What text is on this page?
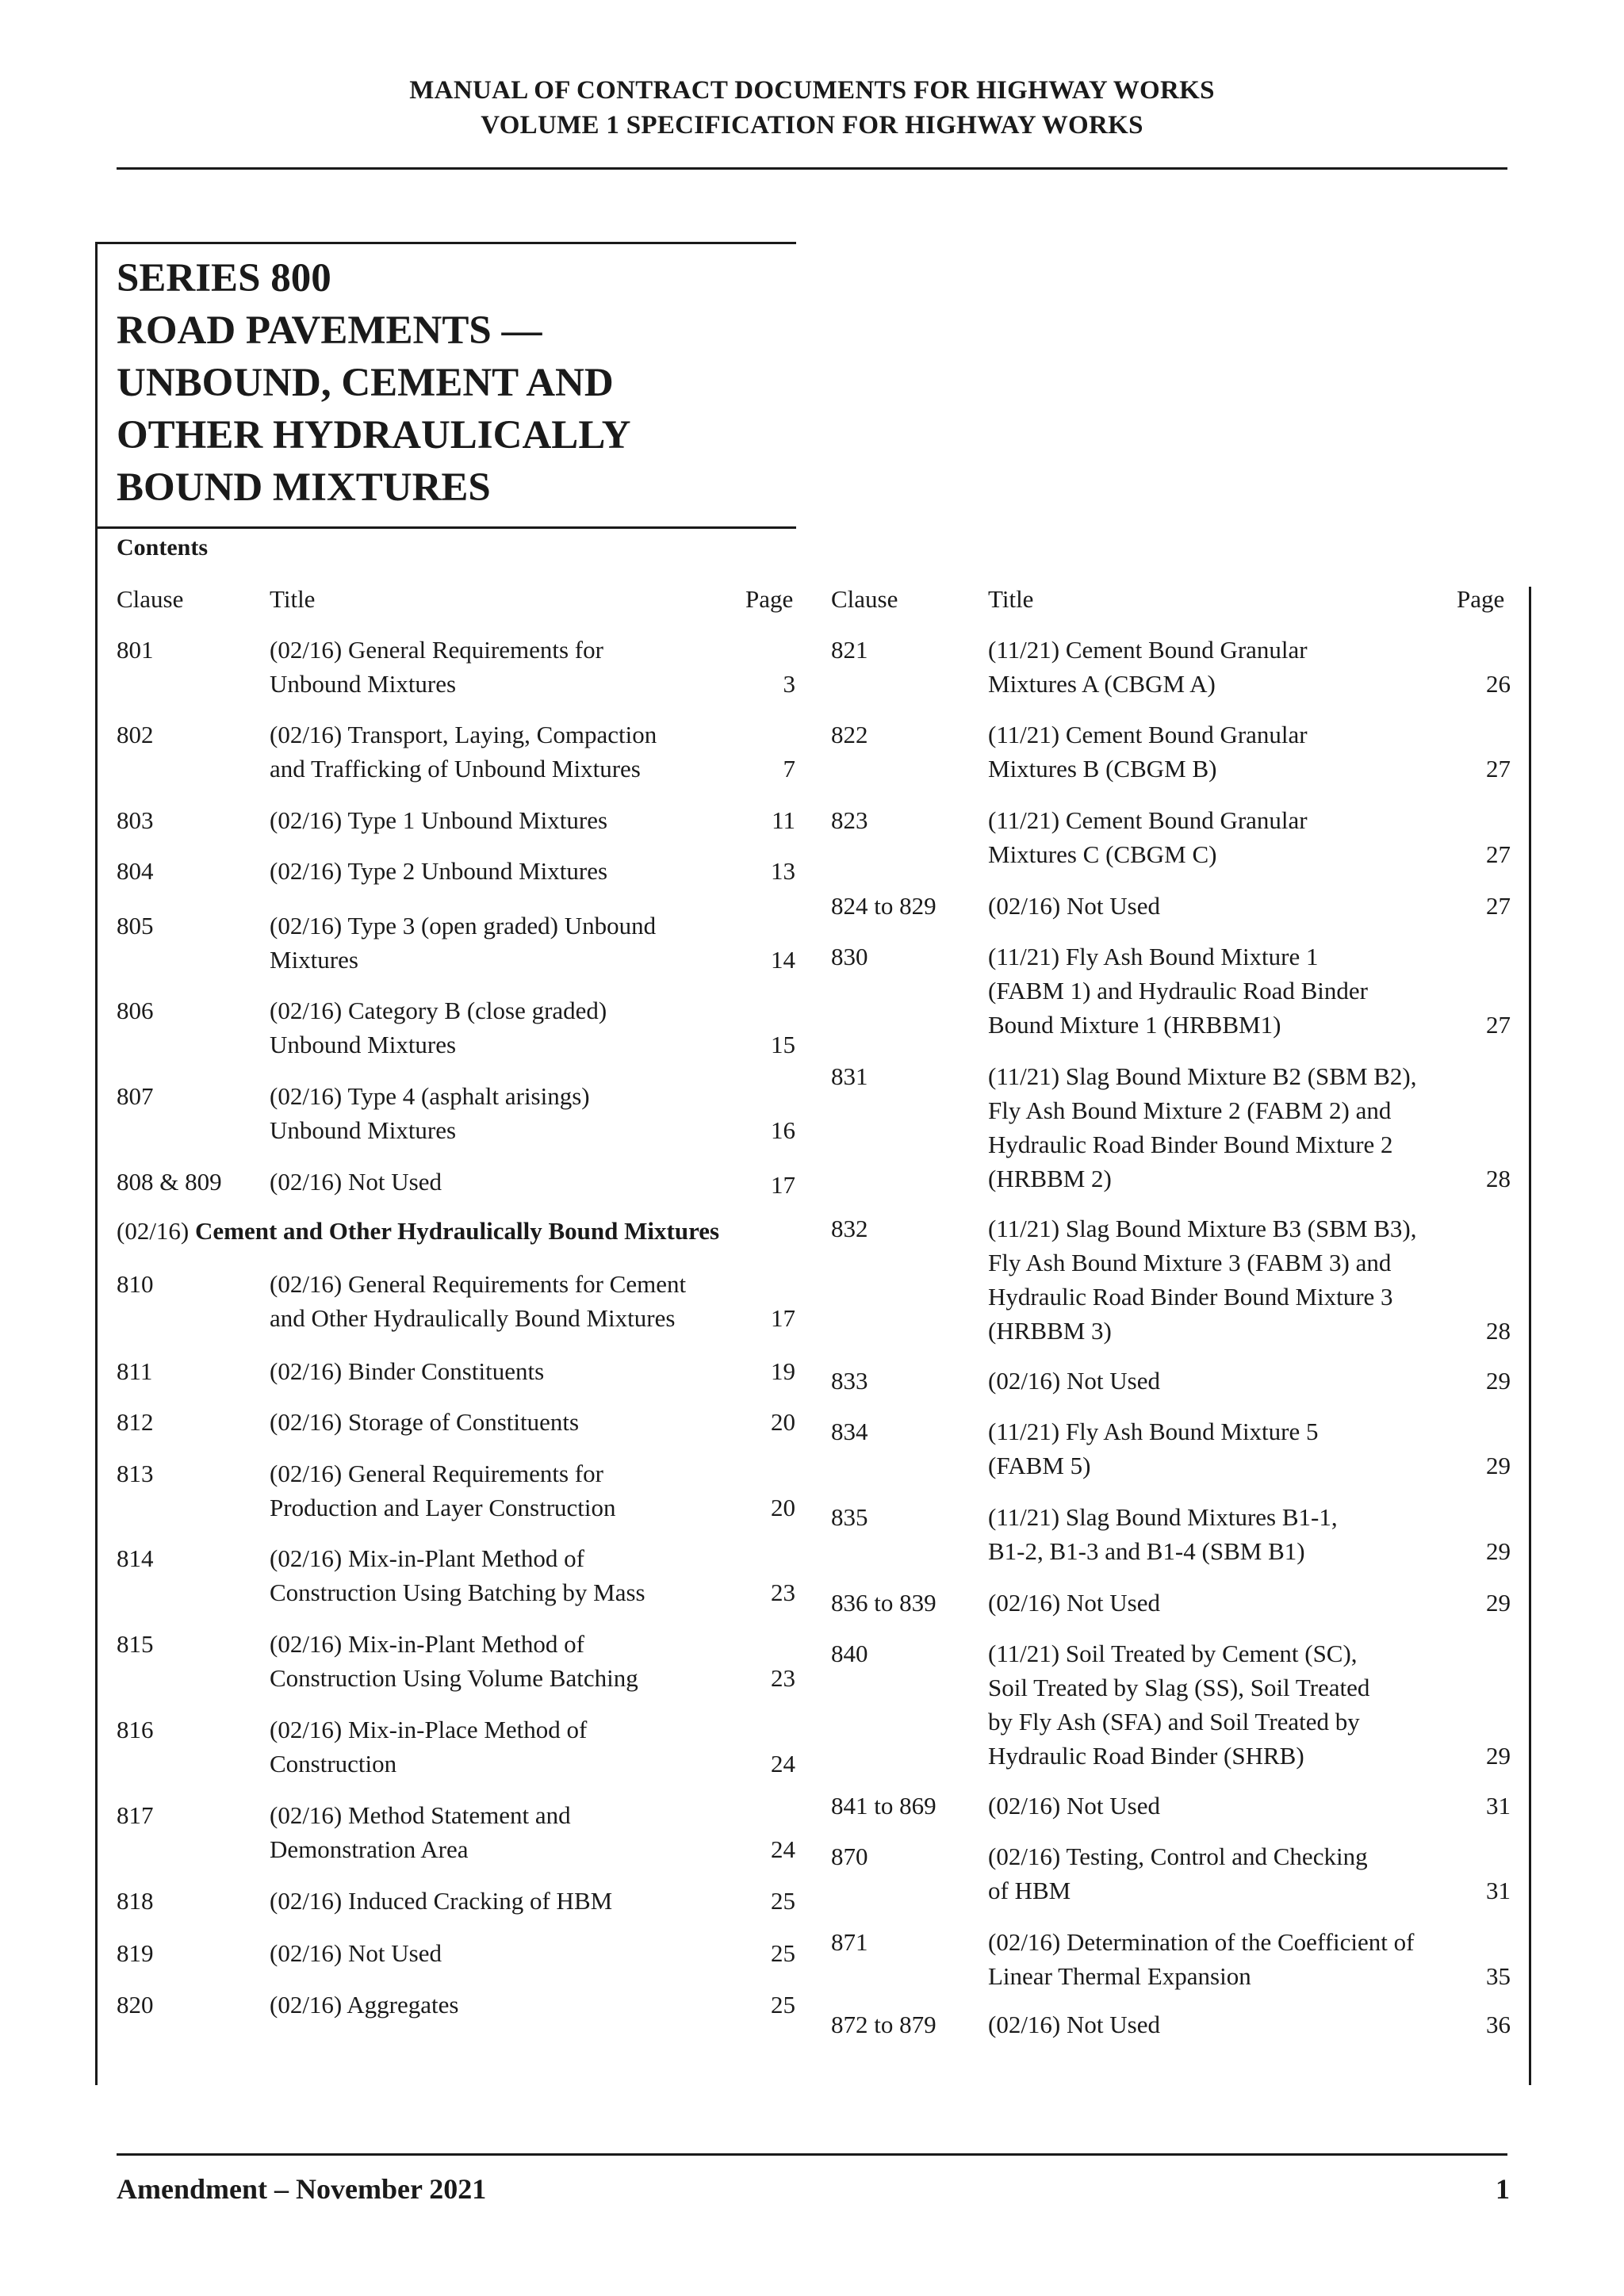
MANUAL OF CONTRACT DOCUMENTS FOR HIGHWAY WORKS
VOLUME 1 SPECIFICATION FOR HIGHWAY WORKS
SERIES 800
ROAD PAVEMENTS —
UNBOUND, CEMENT AND
OTHER HYDRAULICALLY
BOUND MIXTURES
Contents
Clause	Title	Page Clause	Title	Page
801	(02/16) General Requirements for
Unbound Mixtures	3
802	(02/16) Transport, Laying, Compaction
and Trafficking of Unbound Mixtures	7
803	(02/16) Type 1 Unbound Mixtures	11
804	(02/16) Type 2 Unbound Mixtures	13
805	(02/16) Type 3 (open graded) Unbound
Mixtures	14
806	(02/16) Category B (close graded)
Unbound Mixtures	15
807	(02/16) Type 4 (asphalt arisings)
Unbound Mixtures	16
808 & 809 (02/16) Not Used	17
(02/16) Cement and Other Hydraulically Bound Mixtures
810	(02/16) General Requirements for Cement
and Other Hydraulically Bound Mixtures	17
811	(02/16) Binder Constituents	19
812	(02/16) Storage of Constituents	20
813	(02/16) General Requirements for
Production and Layer Construction	20
814	(02/16) Mix-in-Plant Method of
Construction Using Batching by Mass	23
815	(02/16) Mix-in-Plant Method of
Construction Using Volume Batching	23
816	(02/16) Mix-in-Place Method of
Construction	24
817	(02/16) Method Statement and
Demonstration Area	24
818	(02/16) Induced Cracking of HBM	25
819	(02/16) Not Used	25
820	(02/16) Aggregates	25
821	(11/21) Cement Bound Granular
Mixtures A (CBGM A)	26
822	(11/21) Cement Bound Granular
Mixtures B (CBGM B)	27
823	(11/21) Cement Bound Granular
Mixtures C (CBGM C)	27
824 to 829 (02/16) Not Used	27
830	(11/21) Fly Ash Bound Mixture 1
(FABM 1) and Hydraulic Road Binder
Bound Mixture 1 (HRBBM1)	27
831	(11/21) Slag Bound Mixture B2 (SBM B2),
Fly Ash Bound Mixture 2 (FABM 2) and
Hydraulic Road Binder Bound Mixture 2
(HRBBM 2)	28
832	(11/21) Slag Bound Mixture B3 (SBM B3),
Fly Ash Bound Mixture 3 (FABM 3) and
Hydraulic Road Binder Bound Mixture 3
(HRBBM 3)	28
833	(02/16) Not Used	29
834	(11/21) Fly Ash Bound Mixture 5
(FABM 5)	29
835	(11/21) Slag Bound Mixtures B1-1,
B1-2, B1-3 and B1-4 (SBM B1)	29
836 to 839 (02/16) Not Used	29
840	(11/21) Soil Treated by Cement (SC),
Soil Treated by Slag (SS), Soil Treated
by Fly Ash (SFA) and Soil Treated by
Hydraulic Road Binder (SHRB)	29
841 to 869 (02/16) Not Used	31
870	(02/16) Testing, Control and Checking
of HBM	31
871	(02/16) Determination of the Coefficient of
Linear Thermal Expansion	35
872 to 879 (02/16) Not Used	36
Amendment – November 2021	1
